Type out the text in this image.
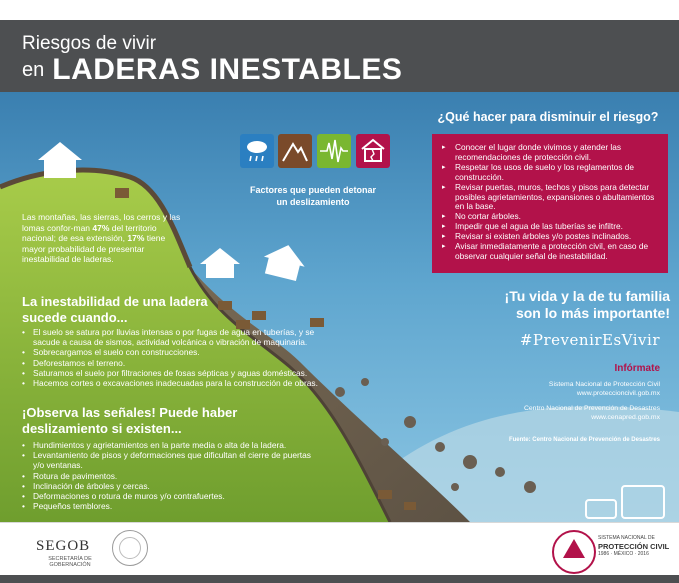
Riesgos de vivir
en LADERAS INESTABLES
Factores que pueden detonar
un deslizamiento
Las montañas, las sierras, los cerros y las lomas confor-man 47% del territorio nacional; de esa extensión, 17% tiene mayor probabilidad de presentar inestabilidad de laderas.
La inestabilidad de una ladera sucede cuando...
• El suelo se satura por lluvias intensas o por fugas de agua en tuberías, y se sacude a causa de sismos, actividad volcánica o vibración de maquinaria.
• Sobrecargamos el suelo con construcciones.
• Deforestamos el terreno.
• Saturamos el suelo por filtraciones de fosas sépticas y aguas domésticas.
• Hacemos cortes o excavaciones inadecuadas para la construcción de obras.
¡Observa las señales! Puede haber deslizamiento si existen...
• Hundimientos y agrietamientos en la parte media o alta de la ladera.
• Levantamiento de pisos y deformaciones que dificultan el cierre de puertas y/o ventanas.
• Rotura de pavimentos.
• Inclinación de árboles y cercas.
• Deformaciones o rotura de muros y/o contrafuertes.
• Pequeños temblores.
¿Qué hacer para disminuir el riesgo?
▸ Conocer el lugar donde vivimos y atender las recomendaciones de protección civil.
▸ Respetar los usos de suelo y los reglamentos de construcción.
▸ Revisar puertas, muros, techos y pisos para detectar posibles agrietamientos, expansiones o abultamientos en la base.
▸ No cortar árboles.
▸ Impedir que el agua de las tuberías se infiltre.
▸ Revisar si existen árboles y/o postes inclinados.
▸ Avisar inmediatamente a protección civil, en caso de observar cualquier señal de inestabilidad.
¡Tu vida y la de tu familia
son lo más importante!
#PrevenirEsVivir
Infórmate
Sistema Nacional de Protección Civil
www.proteccioncivil.gob.mx
Centro Nacional de Prevención de Desastres
www.cenapred.gob.mx
Fuente: Centro Nacional de Prevención de Desastres
SEGOB
SECRETARÍA DE GOBERNACIÓN
SISTEMA NACIONAL DE
PROTECCIÓN CIVIL
1986 · MÉXICO · 2016
